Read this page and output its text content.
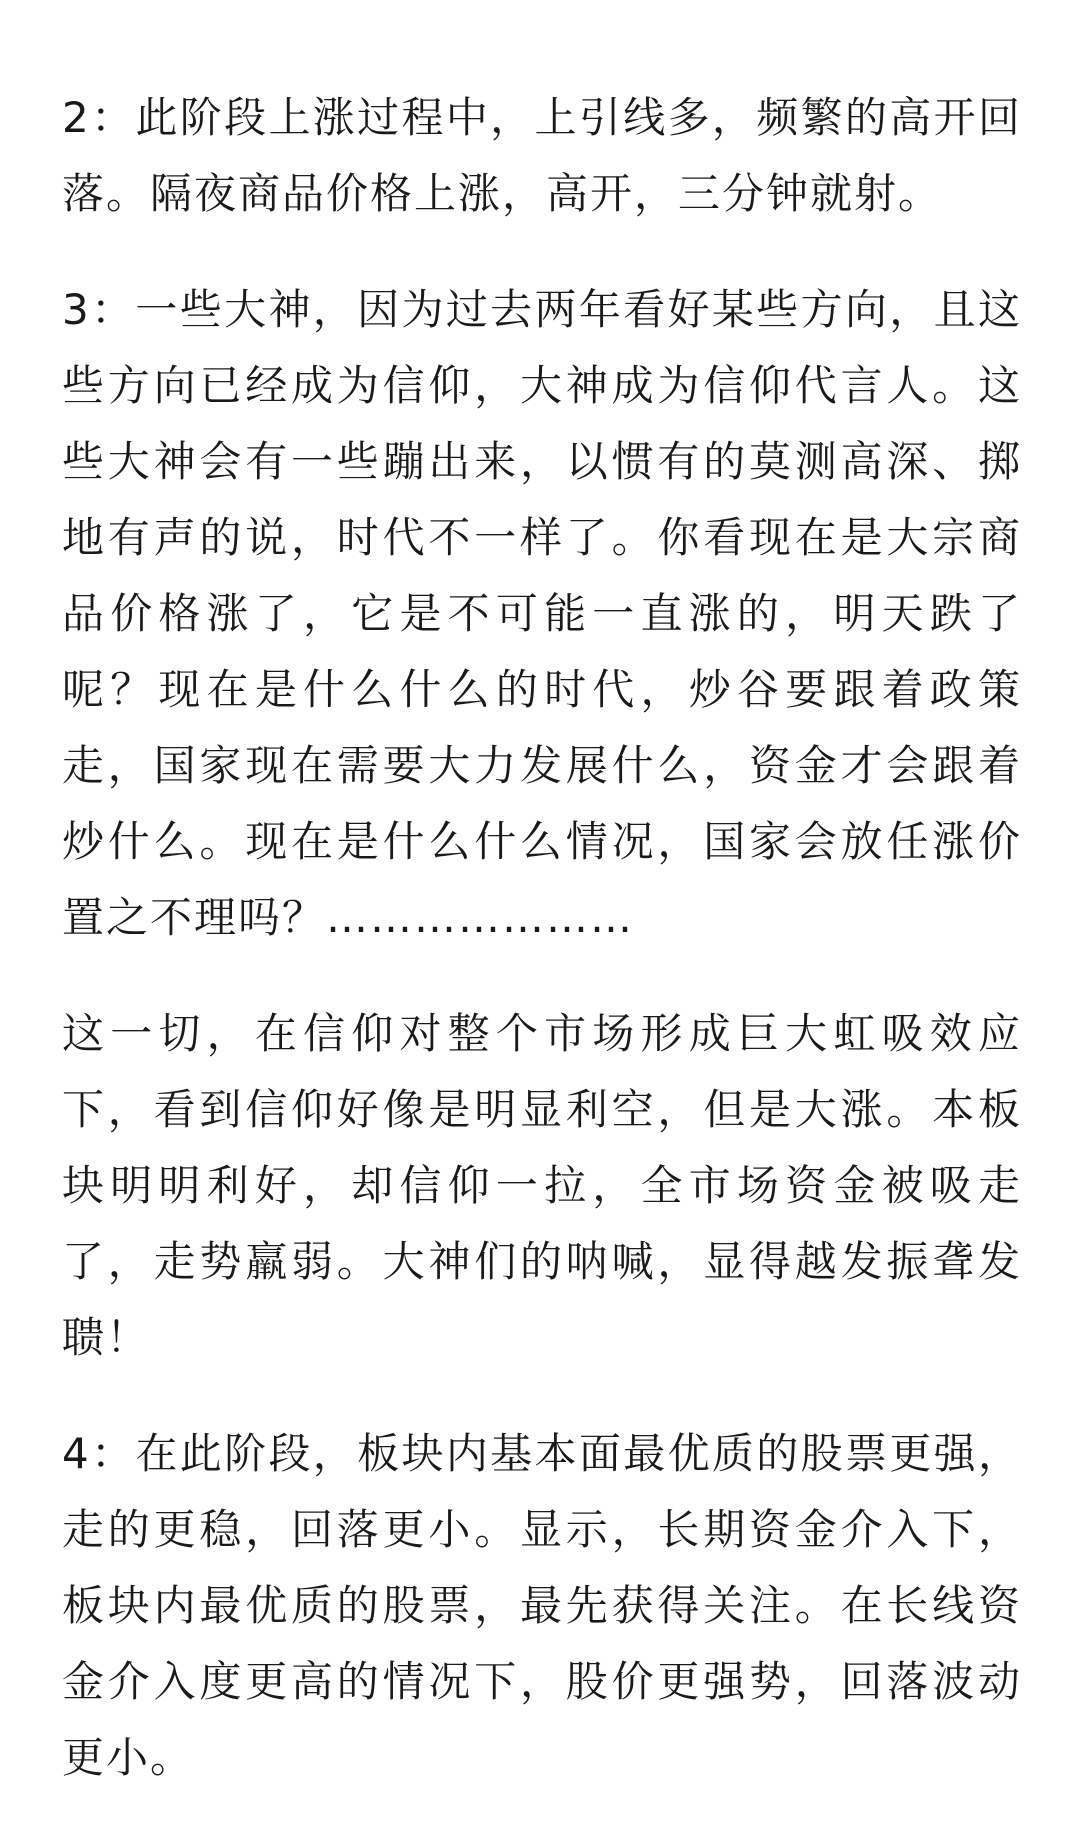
2：此阶段上涨过程中，上引线多，频繁的高开回落。隔夜商品价格上涨，高开，三分钟就射。

3：一些大神，因为过去两年看好某些方向，且这些方向已经成为信仰，大神成为信仰代言人。这些大神会有一些蹦出来，以惯有的莫测高深、掷地有声的说，时代不一样了。你看现在是大宗商品价格涨了，它是不可能一直涨的，明天跌了呢？现在是什么什么的时代，炒谷要跟着政策走，国家现在需要大力发展什么，资金才会跟着炒什么。现在是什么什么情况，国家会放任涨价置之不理吗？…………………

这一切，在信仰对整个市场形成巨大虹吸效应下，看到信仰好像是明显利空，但是大涨。本板块明明利好，却信仰一拉，全市场资金被吸走了，走势羸弱。大神们的呐喊，显得越发振聋发聩！

4：在此阶段，板块内基本面最优质的股票更强，走的更稳，回落更小。显示，长期资金介入下，板块内最优质的股票，最先获得关注。在长线资金介入度更高的情况下，股价更强势，回落波动更小。
